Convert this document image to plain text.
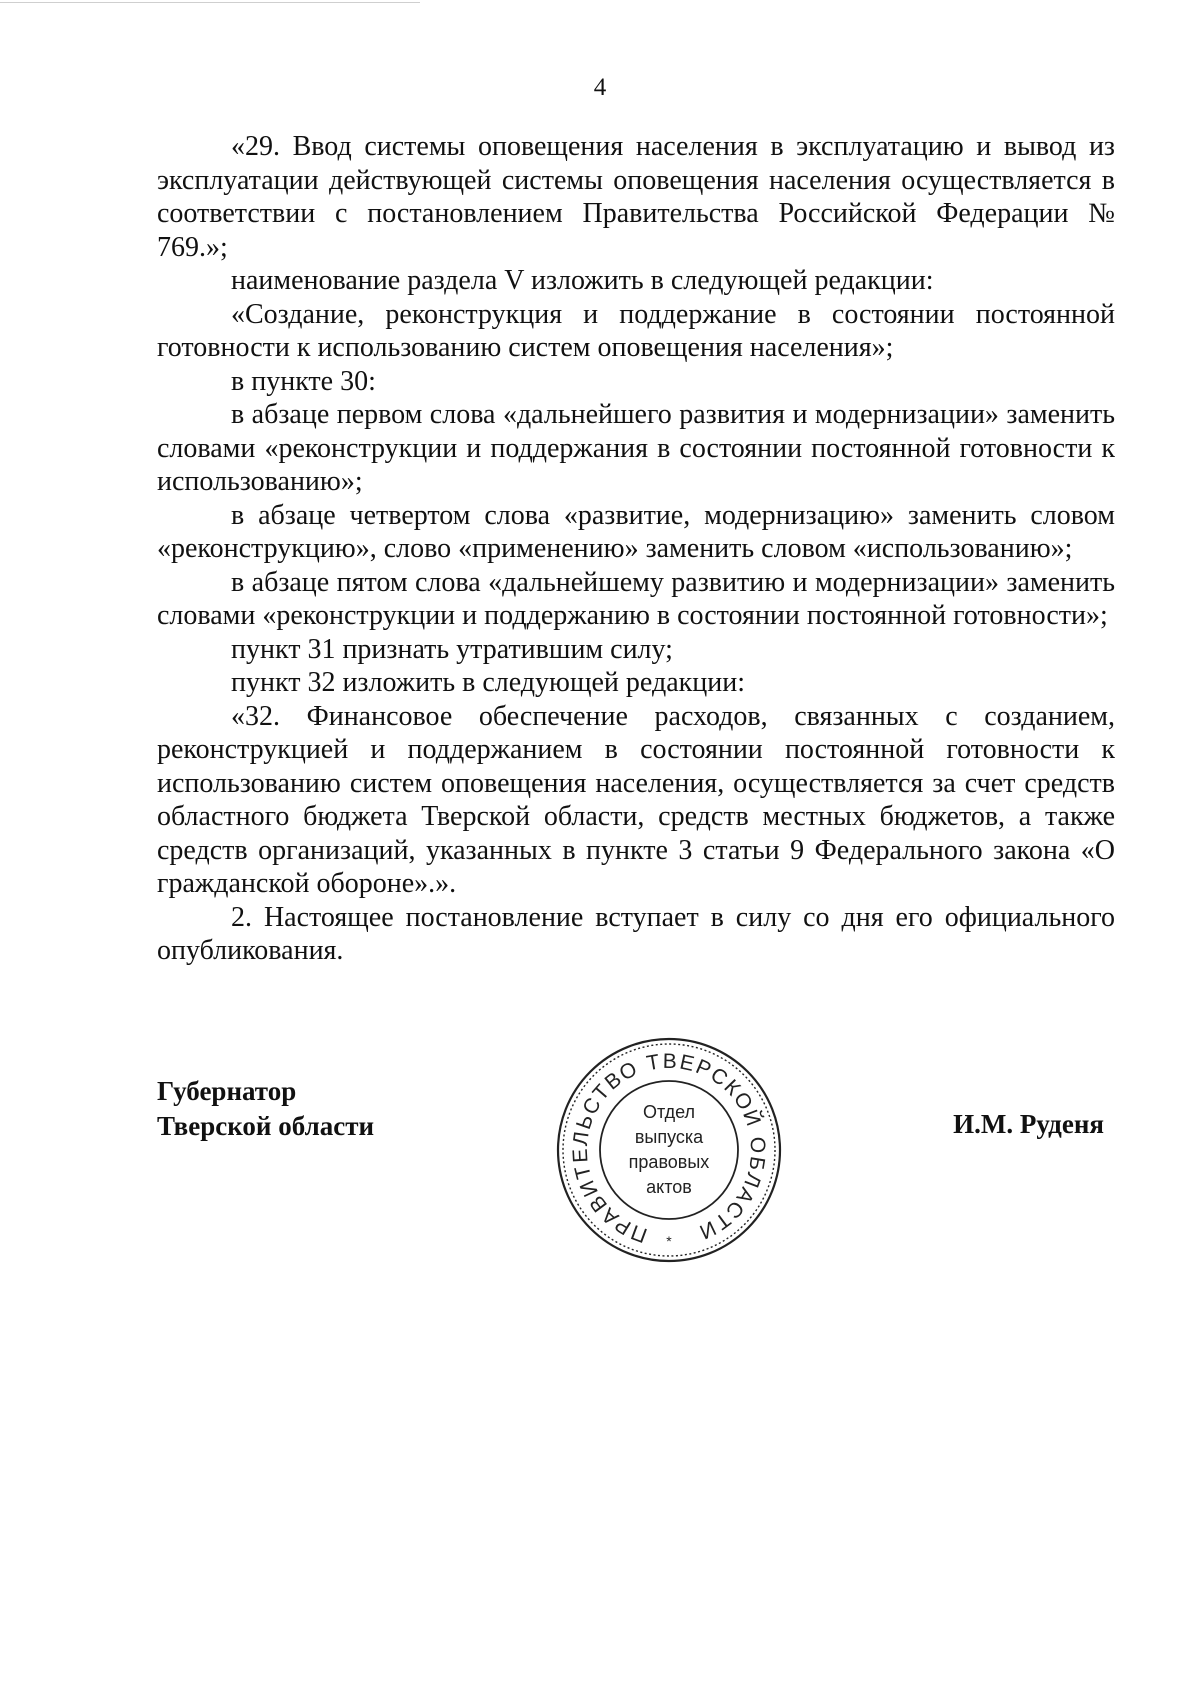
4

«29. Ввод системы оповещения населения в эксплуатацию и вывод из эксплуатации действующей системы оповещения населения осуществляется в соответствии с постановлением Правительства Российской Федерации № 769.»;

наименование раздела V изложить в следующей редакции:

«Создание, реконструкция и поддержание в состоянии постоянной готовности к использованию систем оповещения населения»;

в пункте 30:

в абзаце первом слова «дальнейшего развития и модернизации» заменить словами «реконструкции и поддержания в состоянии постоянной готовности к использованию»;

в абзаце четвертом слова «развитие, модернизацию» заменить словом «реконструкцию», слово «применению» заменить словом «использованию»;

в абзаце пятом слова «дальнейшему развитию и модернизации» заменить словами «реконструкции и поддержанию в состоянии постоянной готовности»;

пункт 31 признать утратившим силу;

пункт 32 изложить в следующей редакции:

«32. Финансовое обеспечение расходов, связанных с созданием, реконструкцией и поддержанием в состоянии постоянной готовности к использованию систем оповещения населения, осуществляется за счет средств областного бюджета Тверской области, средств местных бюджетов, а также средств организаций, указанных в пункте 3 статьи 9 Федерального закона «О гражданской обороне».».

2. Настоящее постановление вступает в силу со дня его официального опубликования.

Губернатор
Тверской области
ПРАВИТЕЛЬСТВО ТВЕРСКОЙ ОБЛАСТИ
Отдел
выпуска
правовых
актов
*
И.М. Руденя
